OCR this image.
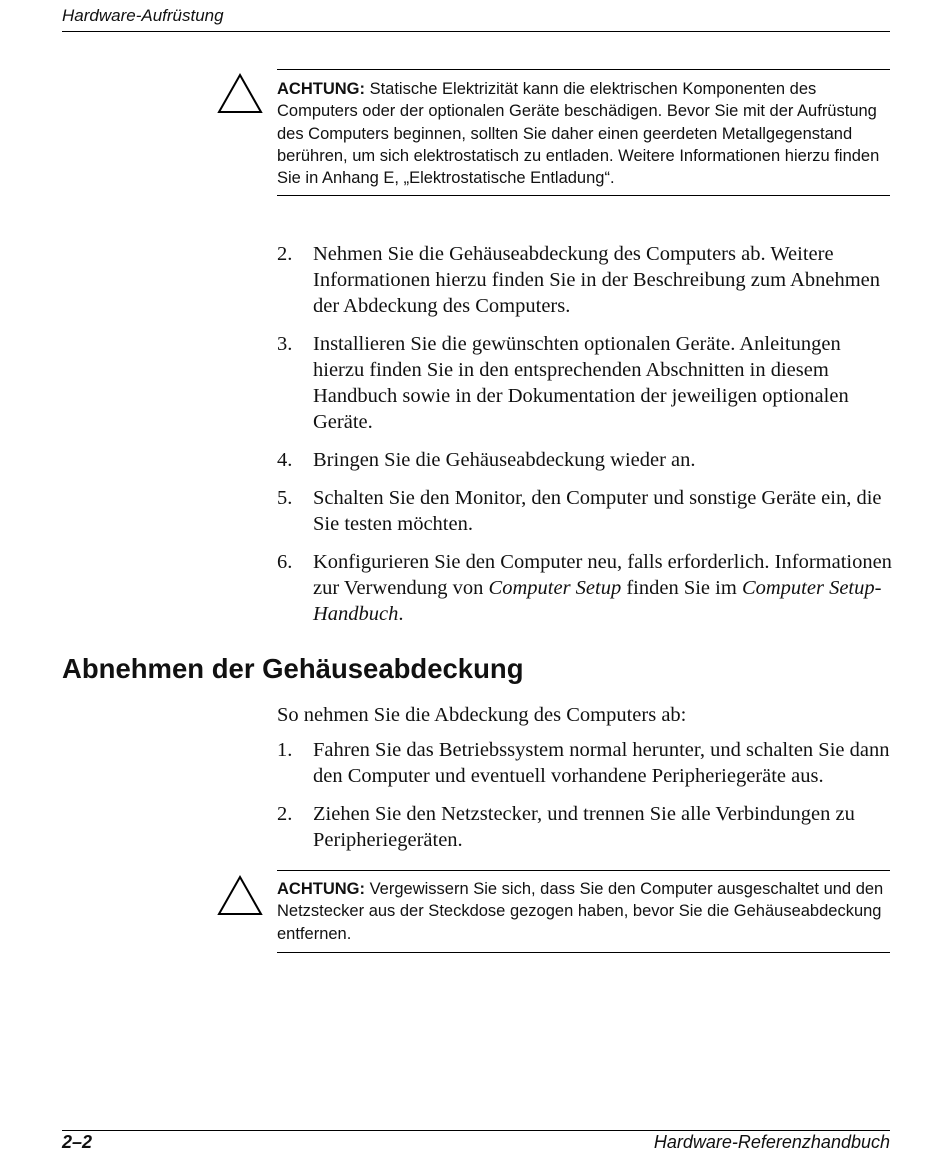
Hardware-Aufrüstung

ACHTUNG: Statische Elektrizität kann die elektrischen Komponenten des Computers oder der optionalen Geräte beschädigen. Bevor Sie mit der Aufrüstung des Computers beginnen, sollten Sie daher einen geerdeten Metallgegenstand berühren, um sich elektrostatisch zu entladen. Weitere Informationen hierzu finden Sie in Anhang E, „Elektrostatische Entladung“.

2. Nehmen Sie die Gehäuseabdeckung des Computers ab. Weitere Informationen hierzu finden Sie in der Beschreibung zum Abnehmen der Abdeckung des Computers.
3. Installieren Sie die gewünschten optionalen Geräte. Anleitungen hierzu finden Sie in den entsprechenden Abschnitten in diesem Handbuch sowie in der Dokumentation der jeweiligen optionalen Geräte.
4. Bringen Sie die Gehäuseabdeckung wieder an.
5. Schalten Sie den Monitor, den Computer und sonstige Geräte ein, die Sie testen möchten.
6. Konfigurieren Sie den Computer neu, falls erforderlich. Informationen zur Verwendung von Computer Setup finden Sie im Computer Setup-Handbuch.
Abnehmen der Gehäuseabdeckung

So nehmen Sie die Abdeckung des Computers ab:

1. Fahren Sie das Betriebssystem normal herunter, und schalten Sie dann den Computer und eventuell vorhandene Peripheriegeräte aus.
2. Ziehen Sie den Netzstecker, und trennen Sie alle Verbindungen zu Peripheriegeräten.

ACHTUNG: Vergewissern Sie sich, dass Sie den Computer ausgeschaltet und den Netzstecker aus der Steckdose gezogen haben, bevor Sie die Gehäuseabdeckung entfernen.

2–2	Hardware-Referenzhandbuch
